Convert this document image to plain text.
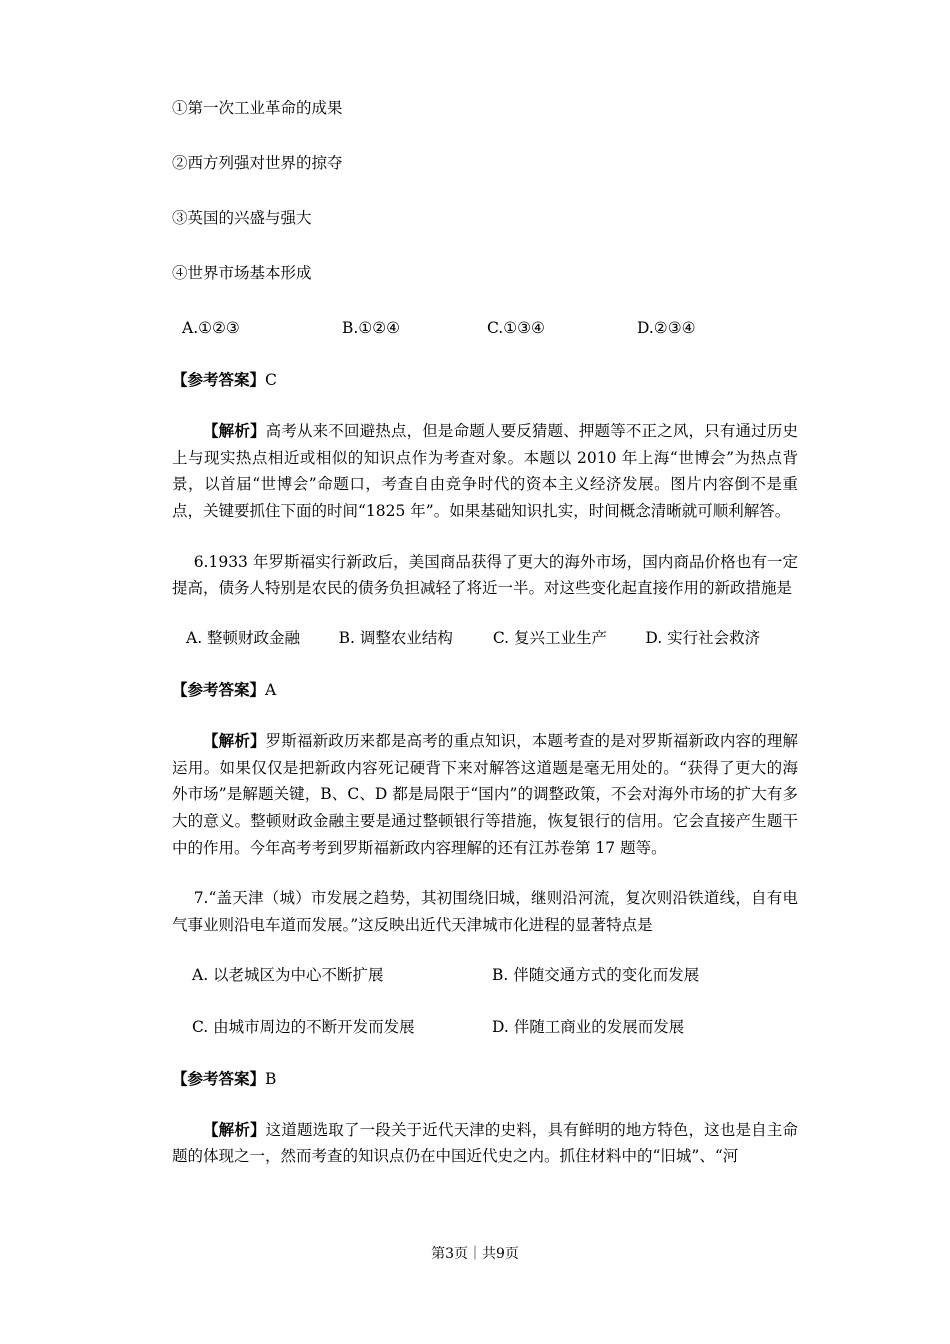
①第一次工业革命的成果

②西方列强对世界的掠夺

③英国的兴盛与强大

④世界市场基本形成

A.①②③	B.①②④	C.①③④	D.②③④

【参考答案】C

【解析】高考从来不回避热点，但是命题人要反猜题、押题等不正之风，只有通过历史上与现实热点相近或相似的知识点作为考查对象。本题以 2010 年上海“世博会”为热点背景，以首届“世博会”命题口，考查自由竞争时代的资本主义经济发展。图片内容倒不是重点，关键要抓住下面的时间“1825 年”。如果基础知识扎实，时间概念清晰就可顺利解答。

6.1933 年罗斯福实行新政后，美国商品获得了更大的海外市场，国内商品价格也有一定提高，债务人特别是农民的债务负担减轻了将近一半。对这些变化起直接作用的新政措施是

A. 整顿财政金融	B. 调整农业结构	C. 复兴工业生产	D. 实行社会救济

【参考答案】A

【解析】罗斯福新政历来都是高考的重点知识，本题考查的是对罗斯福新政内容的理解运用。如果仅仅是把新政内容死记硬背下来对解答这道题是毫无用处的。“获得了更大的海外市场”是解题关键，B、C、D 都是局限于“国内”的调整政策，不会对海外市场的扩大有多大的意义。整顿财政金融主要是通过整顿银行等措施，恢复银行的信用。它会直接产生题干中的作用。今年高考考到罗斯福新政内容理解的还有江苏卷第 17 题等。

7.“盖天津（城）市发展之趋势，其初围绕旧城，继则沿河流，复次则沿铁道线，自有电气事业则沿电车道而发展。”这反映出近代天津城市化进程的显著特点是

A. 以老城区为中心不断扩展	B. 伴随交通方式的变化而发展
C. 由城市周边的不断开发而发展	D. 伴随工商业的发展而发展

【参考答案】B

【解析】这道题选取了一段关于近代天津的史料，具有鲜明的地方特色，这也是自主命题的体现之一，然而考查的知识点仍在中国近代史之内。抓住材料中的“旧城”、“河

第3页｜共9页
